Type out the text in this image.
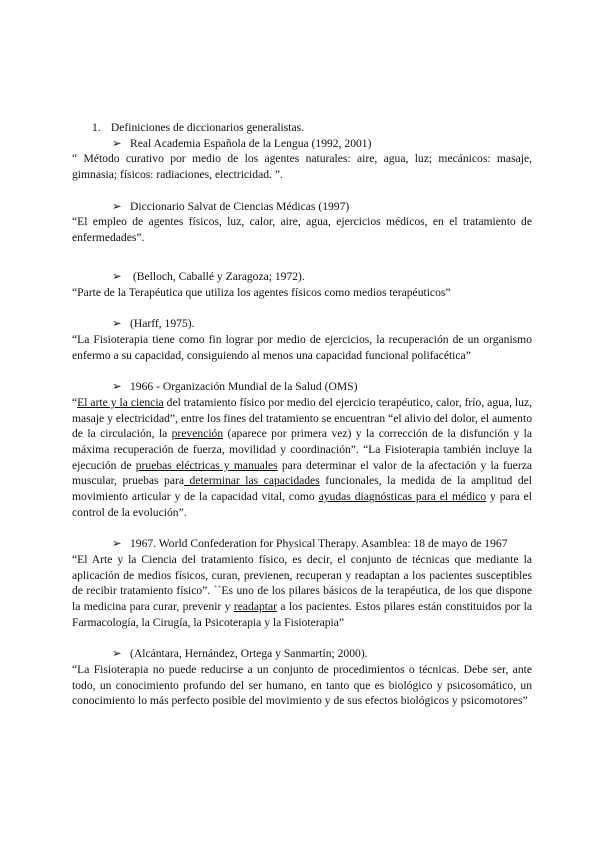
1. Definiciones de diccionarios generalistas.
➢ Real Academia Española de la Lengua (1992, 2001)
“ Método curativo por medio de los agentes naturales: aire, agua, luz; mecánicos: masaje, gimnasia; físicos: radiaciones, electricidad. ”.
➢ Diccionario Salvat de Ciencias Médicas (1997)
“El empleo de agentes físicos, luz, calor, aire, agua, ejercicios médicos, en el tratamiento de enfermedades”.
➢ (Belloch, Caballé y Zaragoza; 1972).
“Parte de la Terapéutica que utiliza los agentes físicos como medios terapéuticos”
➢ (Harff, 1975).
“La Fisioterapia tiene como fin lograr por medio de ejercicios, la recuperación de un organismo enfermo a su capacidad, consiguiendo al menos una capacidad funcional polifacética”
➢ 1966 - Organización Mundial de la Salud (OMS)
“El arte y la ciencia del tratamiento físico por medio del ejercicio terapéutico, calor, frío, agua, luz, masaje y electricidad”, entre los fines del tratamiento se encuentran “el alivio del dolor, el aumento de la circulación, la prevención (aparece por primera vez) y la corrección de la disfunción y la máxima recuperación de fuerza, movilidad y coordinación”. “La Fisioterapia también incluye la ejecución de pruebas eléctricas y manuales para determinar el valor de la afectación y la fuerza muscular, pruebas para determinar las capacidades funcionales, la medida de la amplitud del movimiento articular y de la capacidad vital, como ayudas diagnósticas para el médico y para el control de la evolución”.
➢ 1967. World Confederation for Physical Therapy. Asamblea: 18 de mayo de 1967
“El Arte y la Ciencia del tratamiento físico, es decir, el conjunto de técnicas que mediante la aplicación de medios físicos, curan, previenen, recuperan y readaptan a los pacientes susceptibles de recibir tratamiento físico”. ``Es uno de los pilares básicos de la terapéutica, de los que dispone la medicina para curar, prevenir y readaptar a los pacientes. Estos pilares están constituidos por la Farmacología, la Cirugía, la Psicoterapia y la Fisioterapia”
➢ (Alcántara, Hernández, Ortega y Sanmartín; 2000).
“La Fisioterapia no puede reducirse a un conjunto de procedimientos o técnicas. Debe ser, ante todo, un conocimiento profundo del ser humano, en tanto que es biológico y psicosomático, un conocimiento lo más perfecto posible del movimiento y de sus efectos biológicos y psicomotores”
